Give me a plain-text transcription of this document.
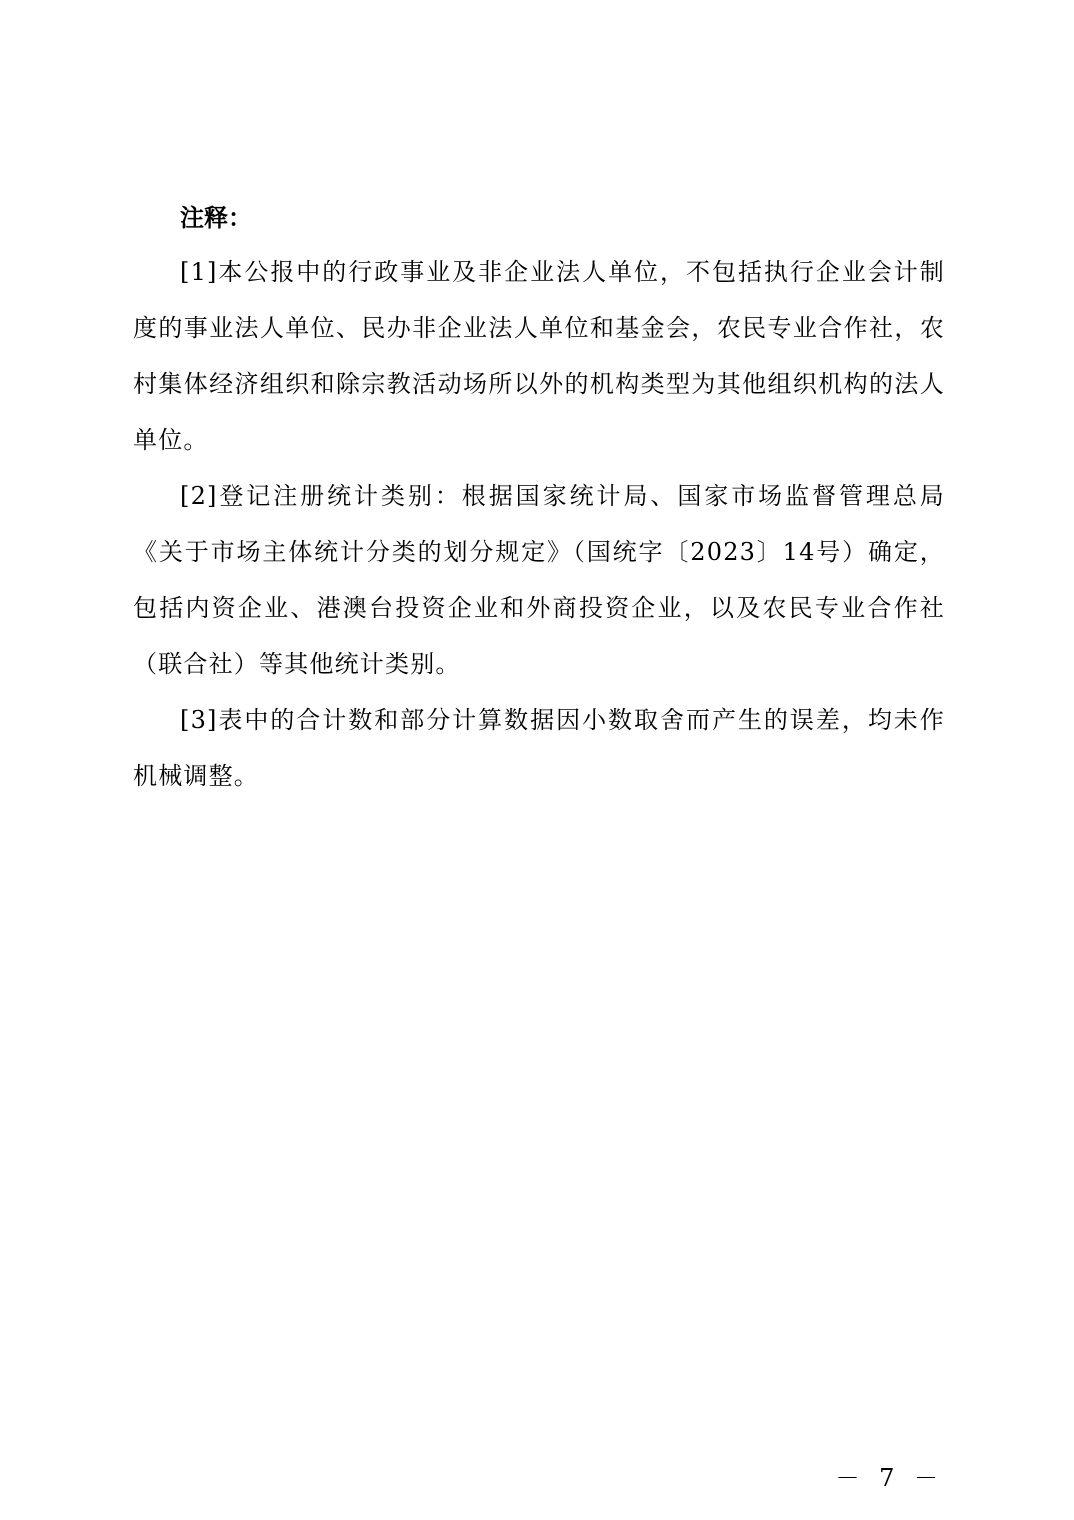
注释：

[1]本公报中的行政事业及非企业法人单位，不包括执行企业会计制度的事业法人单位、民办非企业法人单位和基金会，农民专业合作社，农村集体经济组织和除宗教活动场所以外的机构类型为其他组织机构的法人单位。

[2]登记注册统计类别：根据国家统计局、国家市场监督管理总局《关于市场主体统计分类的划分规定》（国统字〔2023〕14号）确定，包括内资企业、港澳台投资企业和外商投资企业，以及农民专业合作社（联合社）等其他统计类别。

[3]表中的合计数和部分计算数据因小数取舍而产生的误差，均未作机械调整。

－ 7 －
